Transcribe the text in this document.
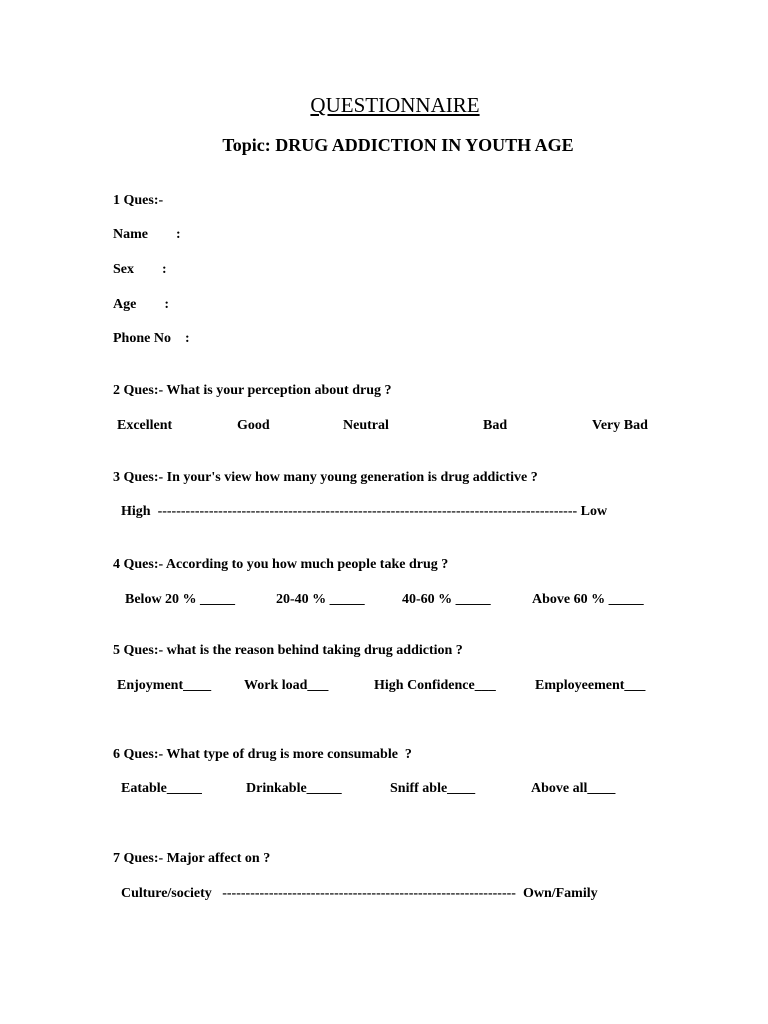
QUESTIONNAIRE
Topic: DRUG ADDICTION IN YOUTH AGE
1 Ques:-
Name        :
Sex        :
Age        :
Phone No    :
2 Ques:- What is your perception about drug ?
Excellent	Good	Neutral	Bad	Very Bad
3 Ques:- In your's view how many young generation is drug addictive ?
High  ------------------------------------------------------------------------------------------ Low
4 Ques:- According to you how much people take drug ?
Below 20 % _____	20-40 % _____	40-60 % _____	Above 60 % _____
5 Ques:- what is the reason behind taking drug addiction ?
Enjoyment____ Work load___	High Confidence___	Employeement___
6 Ques:- What type of drug is more consumable  ?
Eatable_____	Drinkable_____	Sniff able____	Above all____
7 Ques:- Major affect on ?
Culture/society   ---------------------------------------------------------------  Own/Family
